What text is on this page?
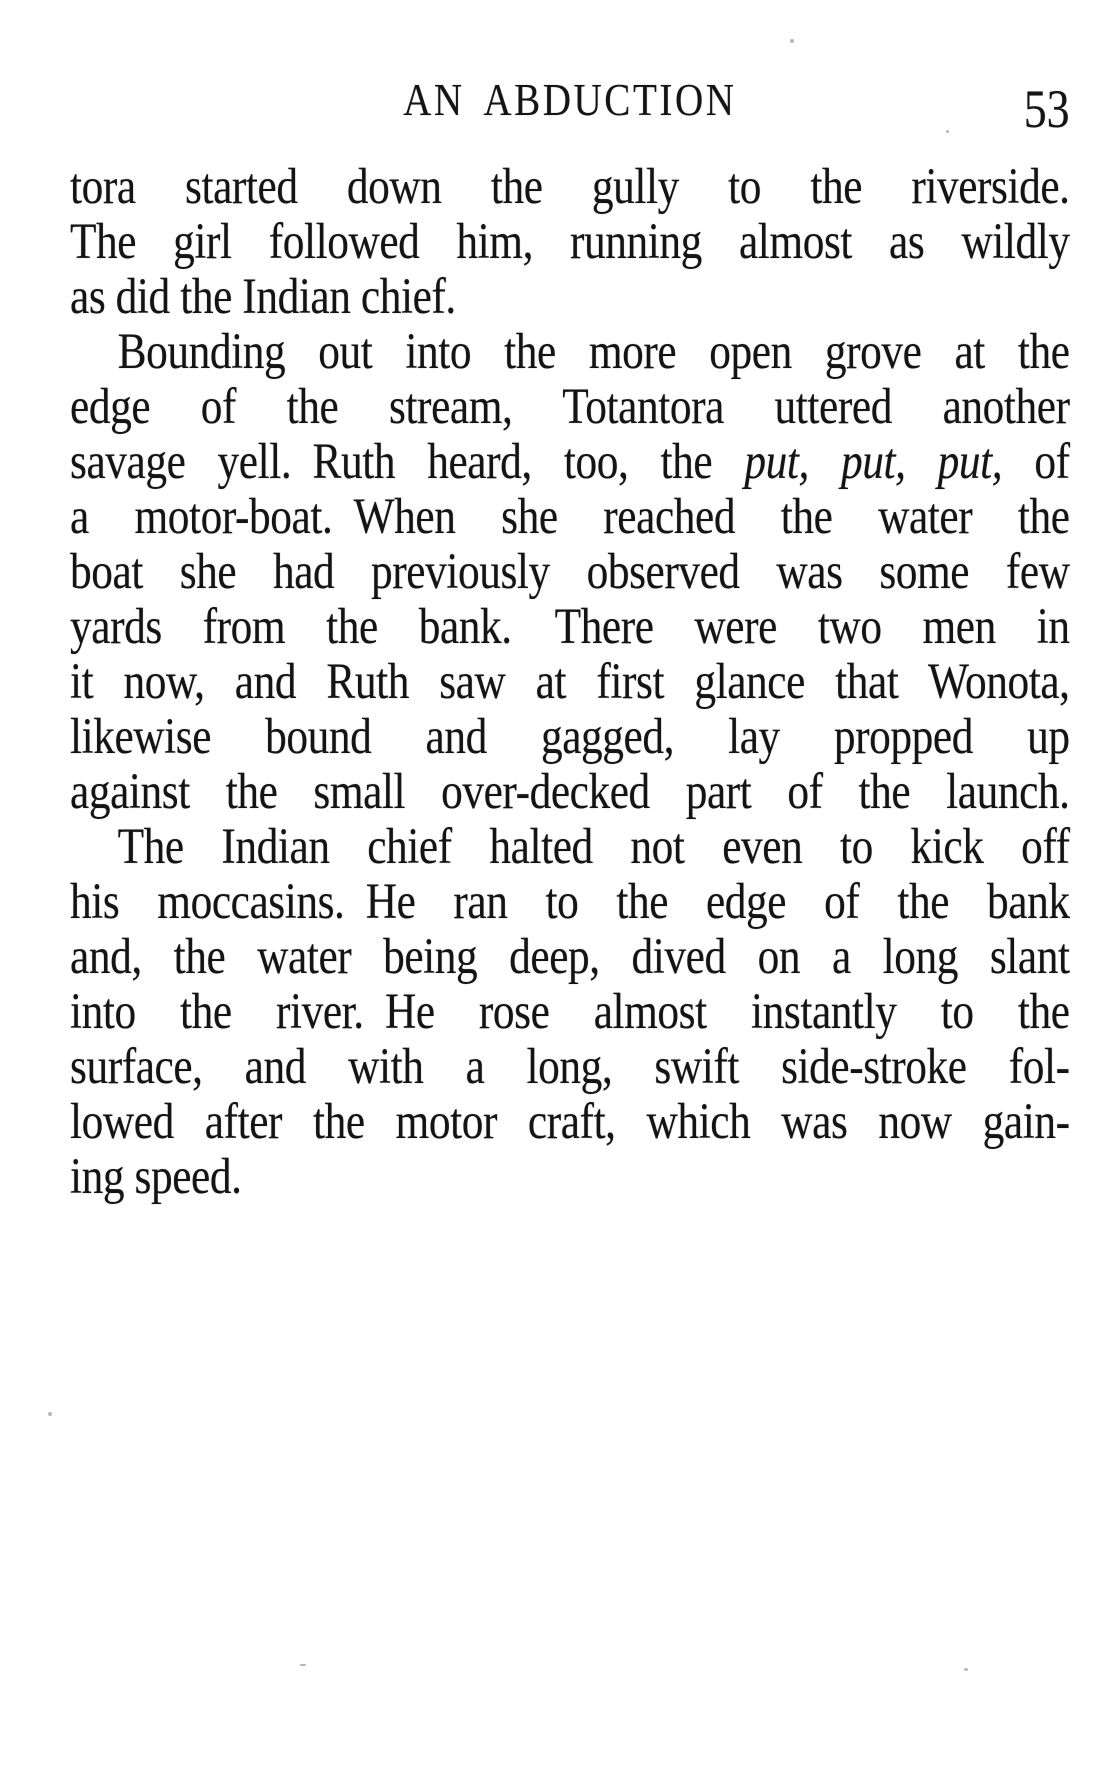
AN ABDUCTION	53
tora started down the gully to the riverside.
The girl followed him, running almost as wildly
as did the Indian chief.
Bounding out into the more open grove at the
edge of the stream, Totantora uttered another
savage yell. Ruth heard, too, the put, put, put, of
a motor-boat. When she reached the water the
boat she had previously observed was some few
yards from the bank. There were two men in
it now, and Ruth saw at first glance that Wonota,
likewise bound and gagged, lay propped up
against the small over-decked part of the launch.
The Indian chief halted not even to kick off
his moccasins. He ran to the edge of the bank
and, the water being deep, dived on a long slant
into the river. He rose almost instantly to the
surface, and with a long, swift side-stroke fol-
lowed after the motor craft, which was now gain-
ing speed.
